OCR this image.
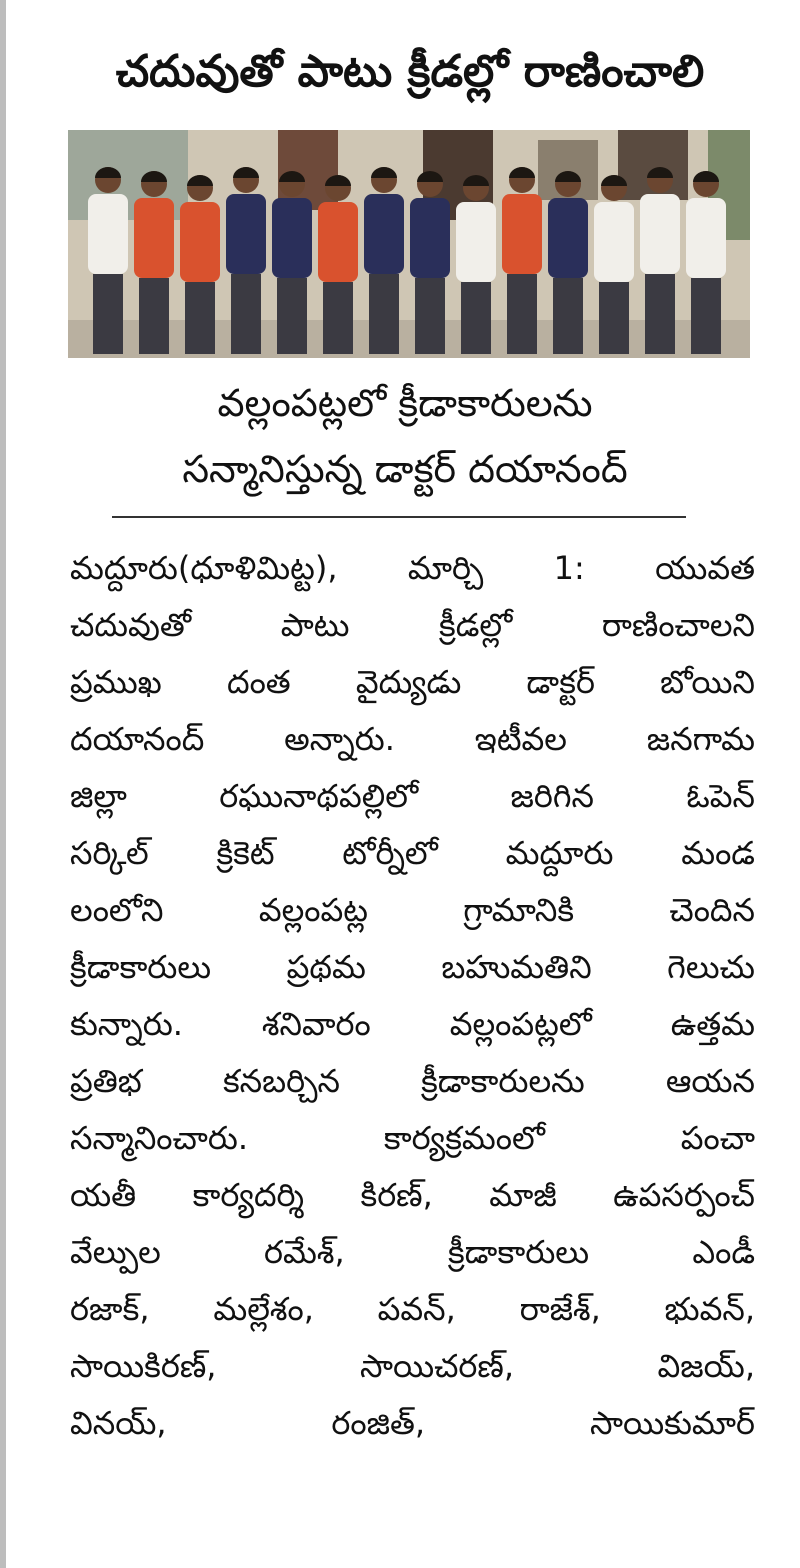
చదువుతో పాటు క్రీడల్లో రాణించాలి
వల్లంపట్లలో క్రీడాకారులను
సన్మానిస్తున్న డాక్టర్ దయానంద్
మద్దూరు(ధూళిమిట్ట), మార్చి 1: యువత
చదువుతో పాటు క్రీడల్లో రాణించాలని
ప్రముఖ దంత వైద్యుడు డాక్టర్ బోయిని
దయానంద్ అన్నారు. ఇటీవల జనగామ
జిల్లా రఘునాథపల్లిలో జరిగిన ఓపెన్
సర్కిల్ క్రికెట్ టోర్నీలో మద్దూరు మండ
లంలోని వల్లంపట్ల గ్రామానికి చెందిన
క్రీడాకారులు ప్రథమ బహుమతిని గెలుచు
కున్నారు. శనివారం వల్లంపట్లలో ఉత్తమ
ప్రతిభ కనబర్చిన క్రీడాకారులను ఆయన
సన్మానించారు. కార్యక్రమంలో పంచా
యతీ కార్యదర్శి కిరణ్, మాజీ ఉపసర్పంచ్
వేల్పుల రమేశ్, క్రీడాకారులు ఎండీ
రజాక్, మల్లేశం, పవన్, రాజేశ్, భువన్,
సాయికిరణ్, సాయిచరణ్, విజయ్,
వినయ్, రంజిత్, సాయికుమార్
